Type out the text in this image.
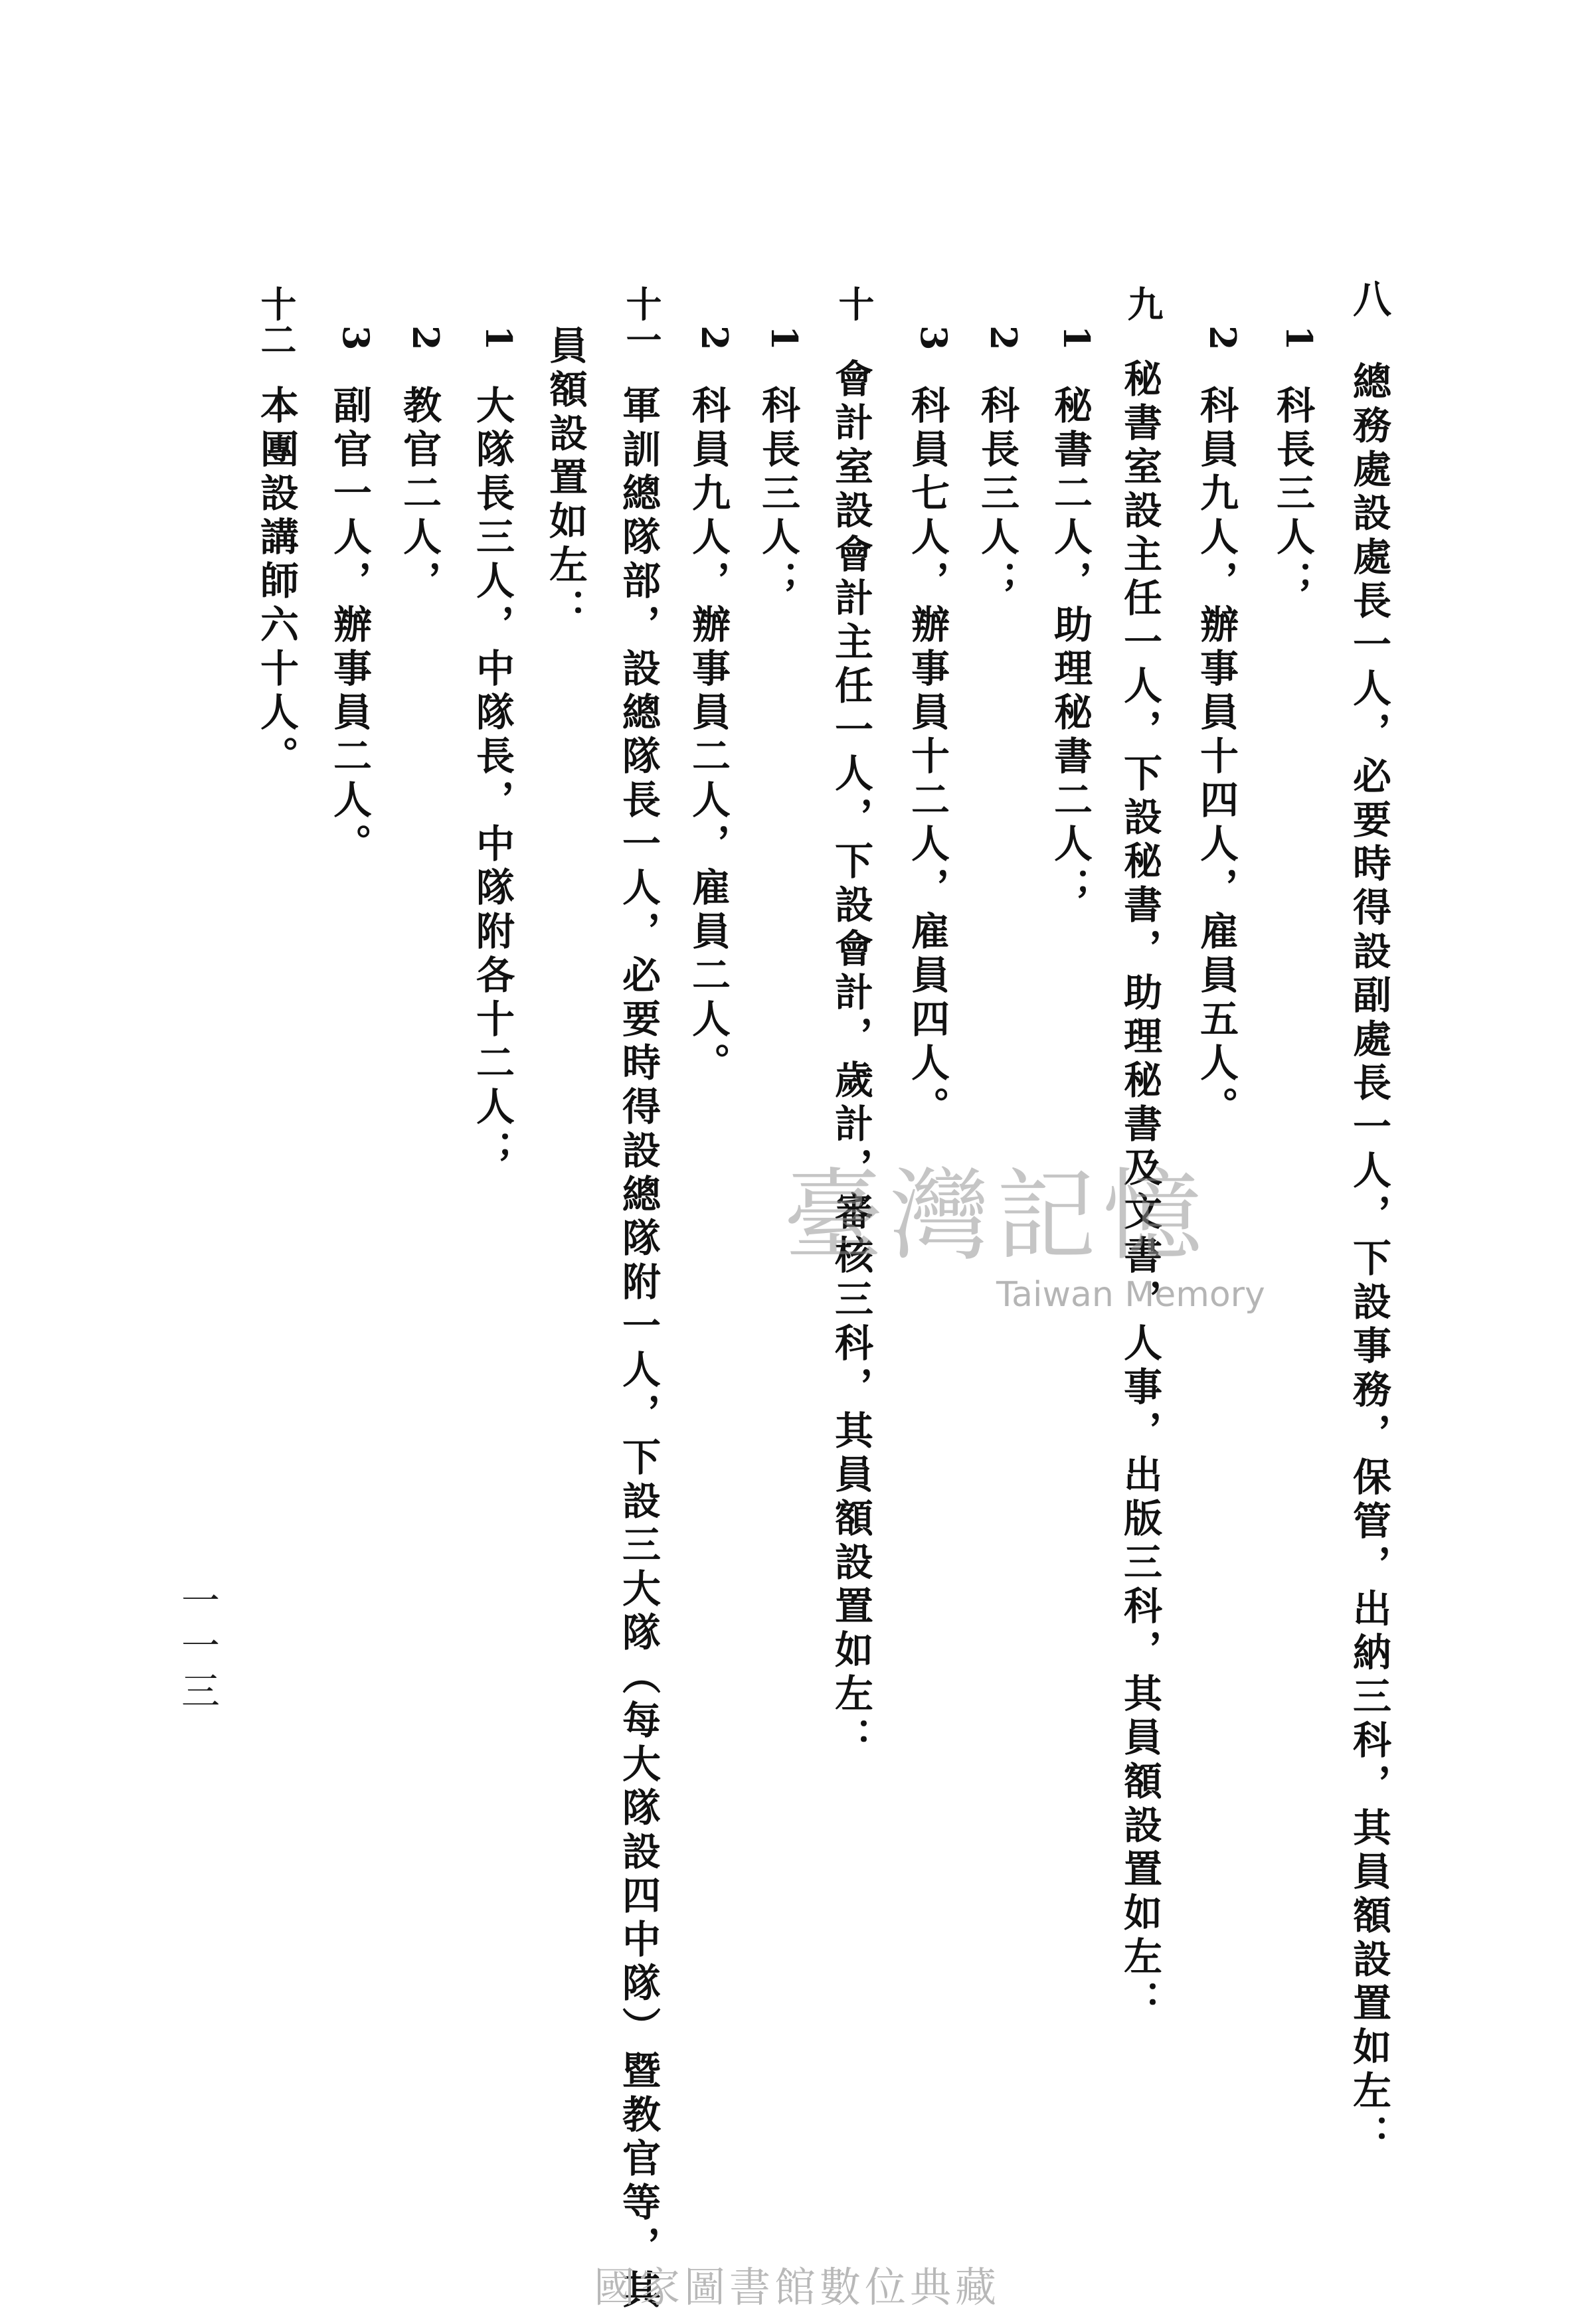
八 總務處設處長一人，必要時得設副處長一人，下設事務，保管，出納三科，其員額設置如左：
1
科長三人；
2
科員九人，辦事員十四人，雇員五人。
九
秘書室設主任一人，下設秘書，助理秘書及文書，人事，出版三科，其員額設置如左：
1
秘書二人，助理秘書二人；
2
科長三人；
3
科員七人，辦事員十二人，雇員四人。
十
會計室設會計主任一人，下設會計，歲計，審核三科，其員額設置如左：
1
科長三人；
2
科員九人，辦事員二人，雇員二人。
十一
軍訓總隊部，設總隊長一人，必要時得設總隊附一人，下設三大隊（每大隊設四中隊）暨教官等，其
員額設置如左：
1
大隊長三人，中隊長，中隊附各十二人；
2
教官二人，
3
副官一人，辦事員二人。
十二
本團設講師六十人。
一一三
臺灣記憶
Taiwan Memory
國家圖書館數位典藏
